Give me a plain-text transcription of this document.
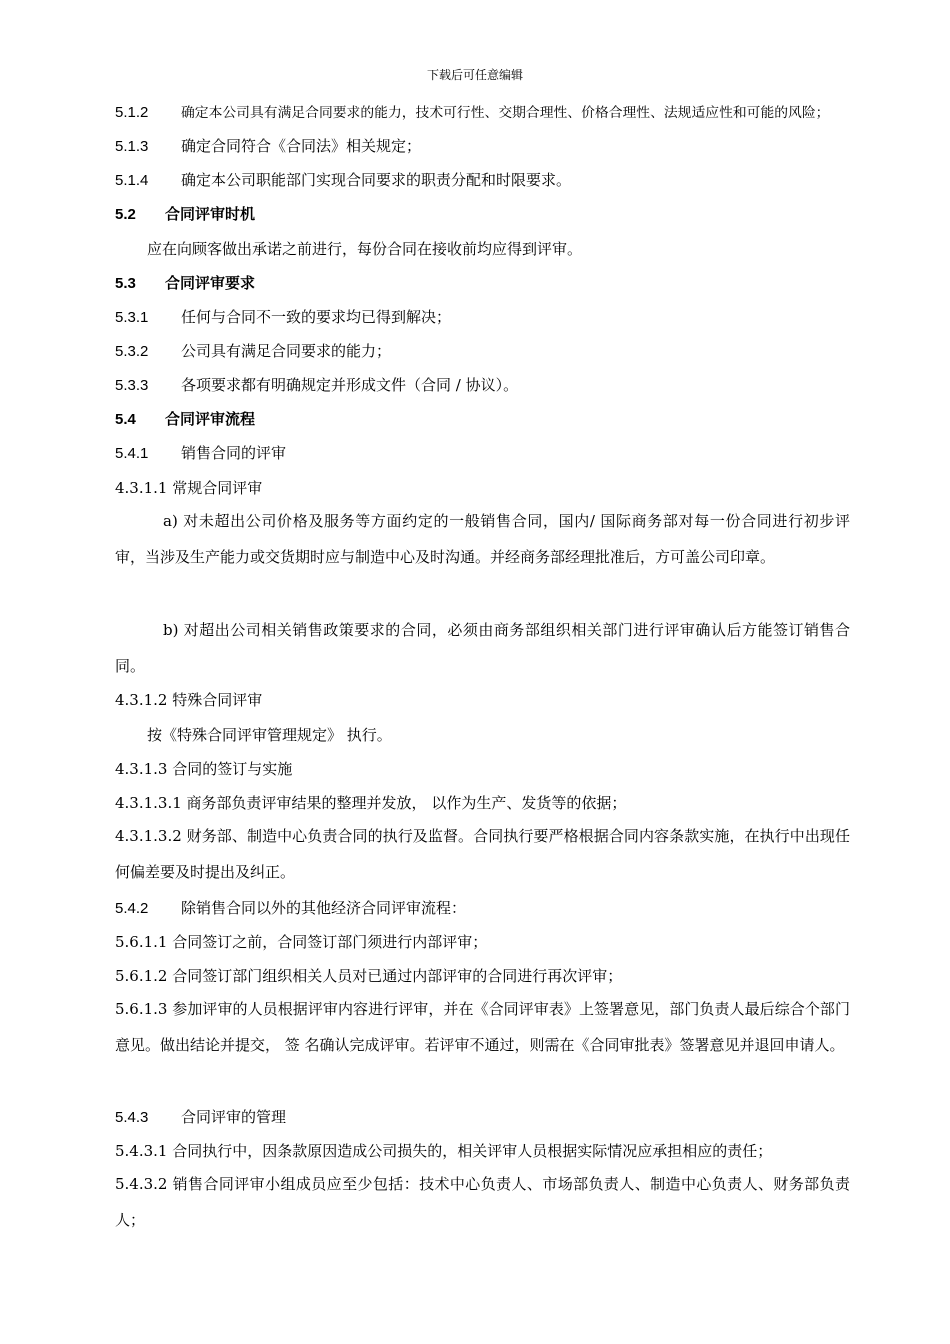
下载后可任意编辑
5.1.2 确定本公司具有满足合同要求的能力，技术可行性、交期合理性、价格合理性、法规适应性和可能的风险；
5.1.3 确定合同符合《合同法》相关规定；
5.1.4 确定本公司职能部门实现合同要求的职责分配和时限要求。
5.2 合同评审时机
应在向顾客做出承诺之前进行，每份合同在接收前均应得到评审。
5.3 合同评审要求
5.3.1 任何与合同不一致的要求均已得到解决；
5.3.2 公司具有满足合同要求的能力；
5.3.3 各项要求都有明确规定并形成文件（合同 / 协议）。
5.4 合同评审流程
5.4.1 销售合同的评审
4.3.1.1 常规合同评审
a) 对未超出公司价格及服务等方面约定的一般销售合同，国内/ 国际商务部对每一份合同进行初步评审，当涉及生产能力或交货期时应与制造中心及时沟通。并经商务部经理批准后，方可盖公司印章。
b) 对超出公司相关销售政策要求的合同，必须由商务部组织相关部门进行评审确认后方能签订销售合同。
4.3.1.2 特殊合同评审
按《特殊合同评审管理规定》 执行。
4.3.1.3 合同的签订与实施
4.3.1.3.1 商务部负责评审结果的整理并发放， 以作为生产、发货等的依据；
4.3.1.3.2 财务部、制造中心负责合同的执行及监督。合同执行要严格根据合同内容条款实施，在执行中出现任何偏差要及时提出及纠正。
5.4.2 除销售合同以外的其他经济合同评审流程：
5.6.1.1 合同签订之前，合同签订部门须进行内部评审；
5.6.1.2 合同签订部门组织相关人员对已通过内部评审的合同进行再次评审；
5.6.1.3 参加评审的人员根据评审内容进行评审，并在《合同评审表》上签署意见，部门负责人最后综合个部门意见。做出结论并提交， 签 名确认完成评审。若评审不通过，则需在《合同审批表》签署意见并退回申请人。
5.4.3 合同评审的管理
5.4.3.1 合同执行中，因条款原因造成公司损失的，相关评审人员根据实际情况应承担相应的责任；
5.4.3.2 销售合同评审小组成员应至少包括：技术中心负责人、市场部负责人、制造中心负责人、财务部负责人；
